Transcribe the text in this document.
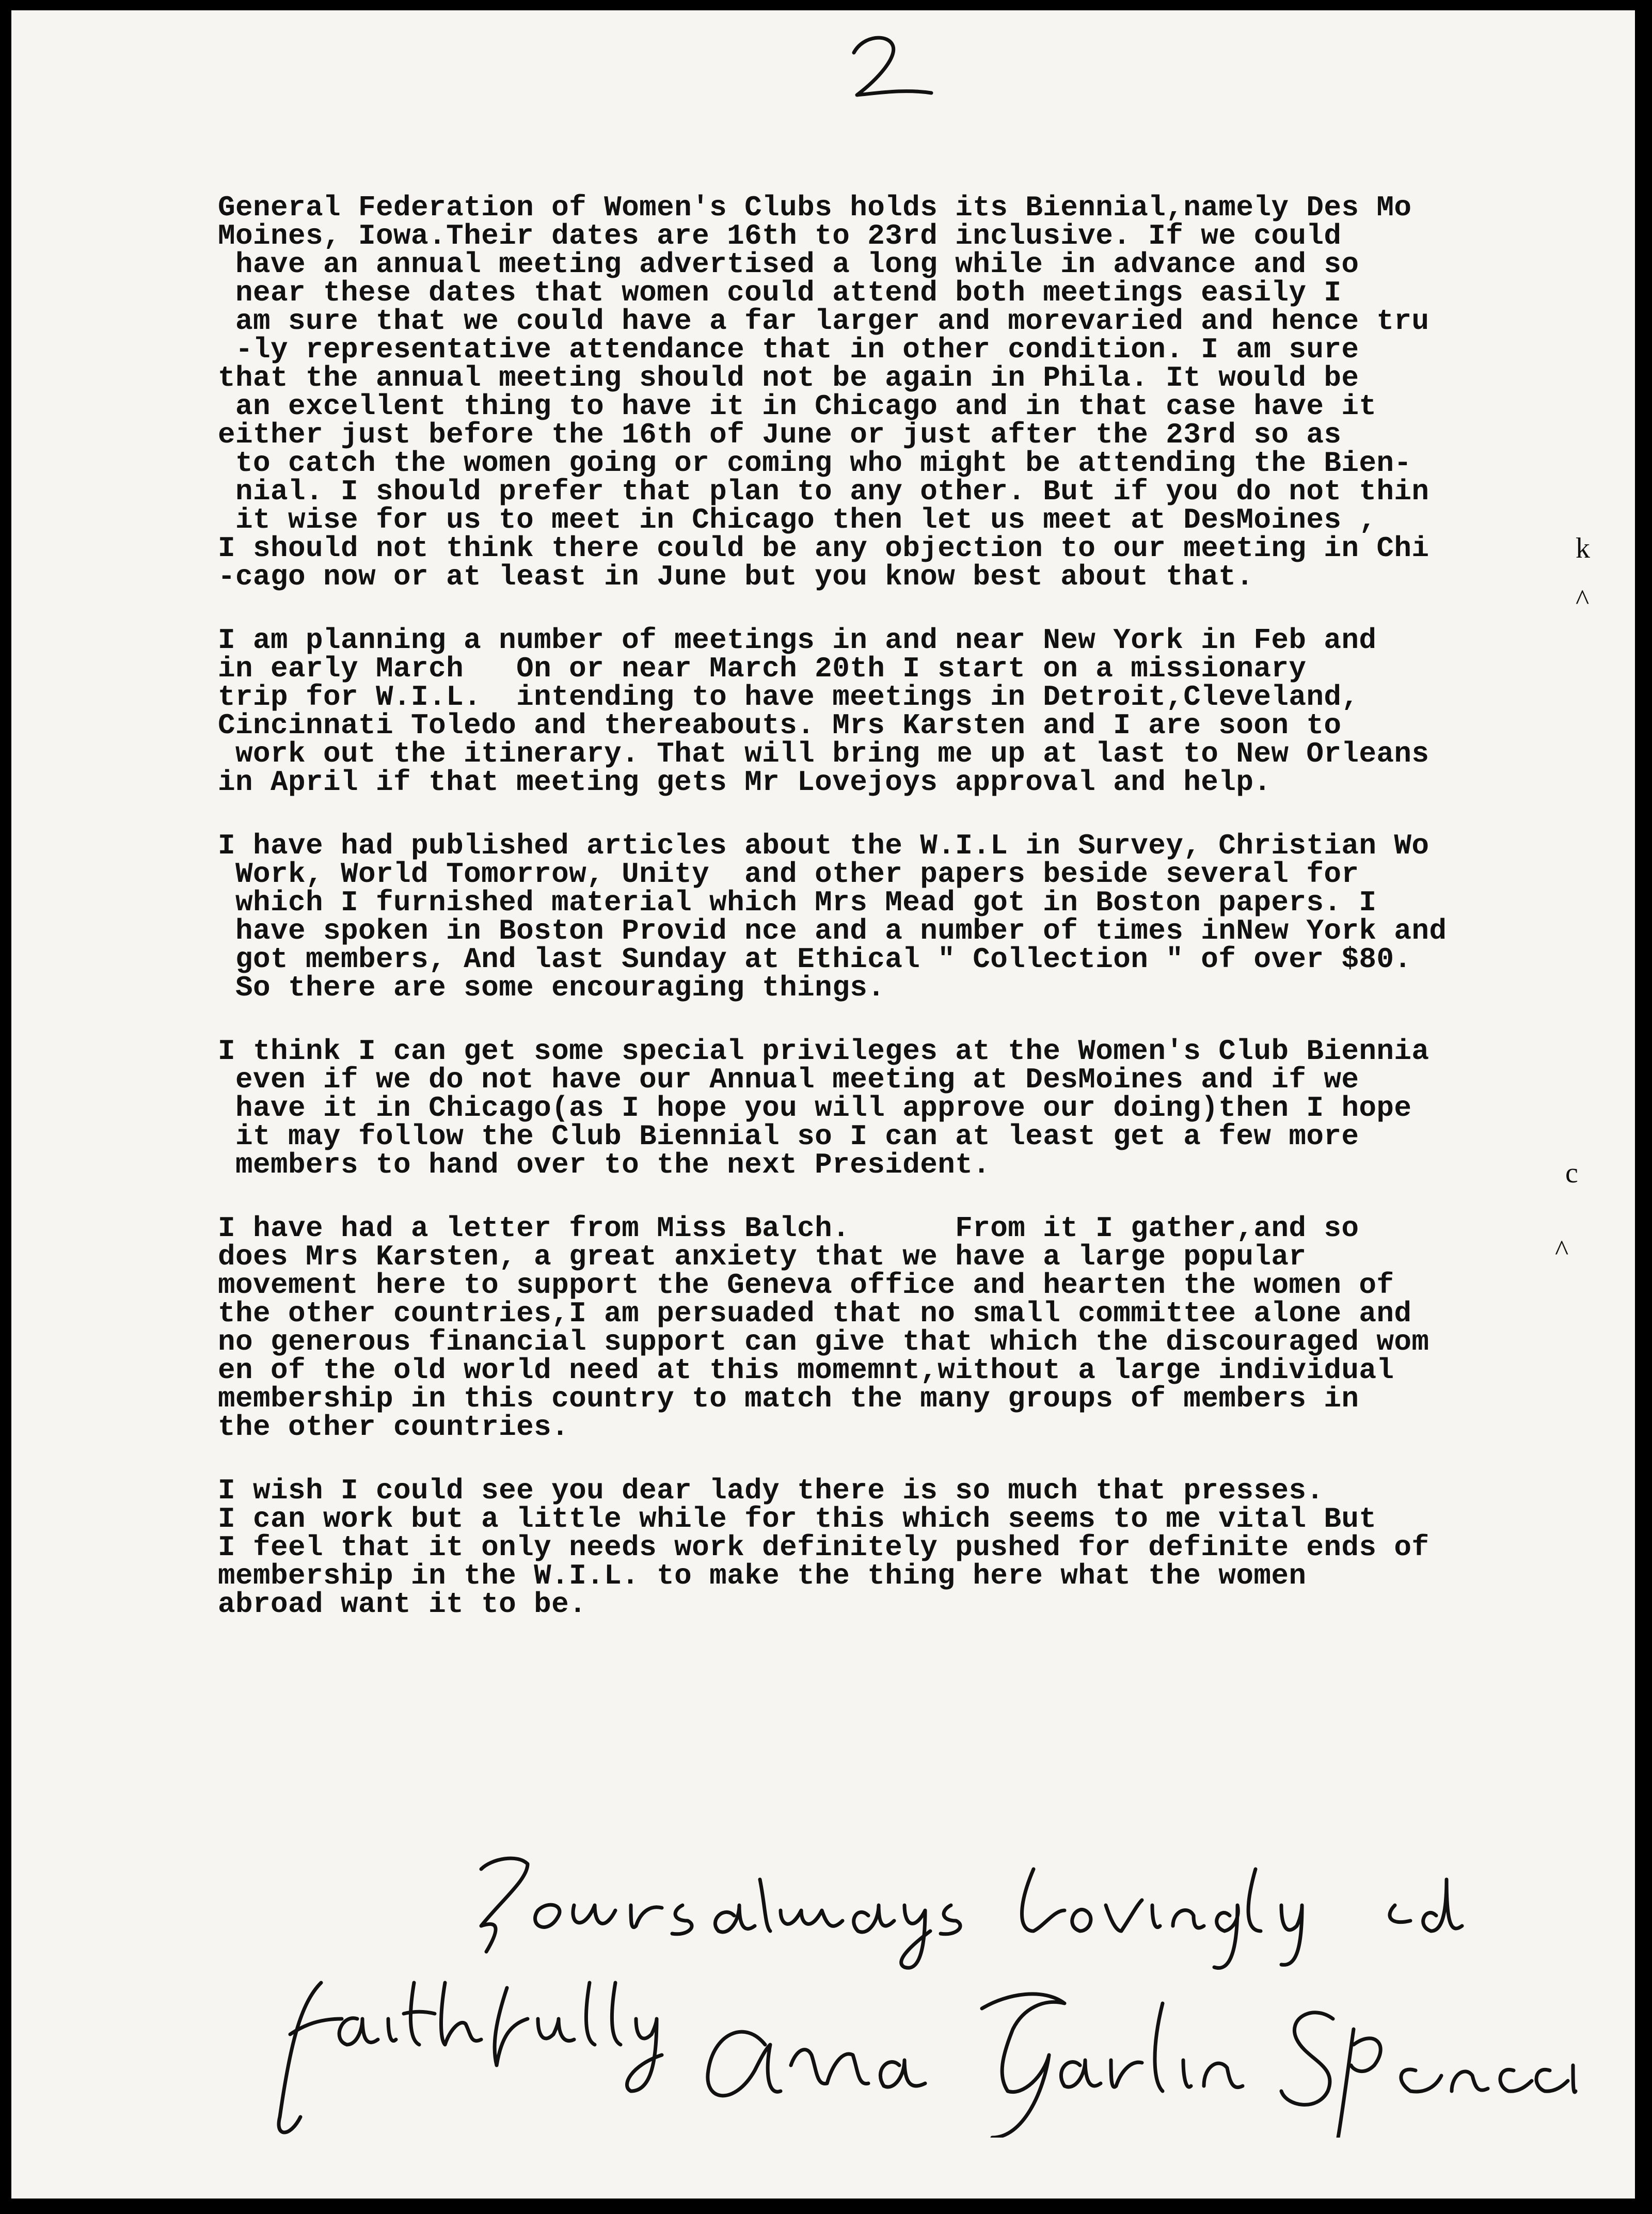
General Federation of Women's Clubs holds its Biennial,namely Des Mo
Moines, Iowa.Their dates are 16th to 23rd inclusive. If we could
have an annual meeting advertised a long while in advance and so
near these dates that women could attend both meetings easily I
am sure that we could have a far larger and morevaried and hence tru
-ly representative attendance that in other condition. I am sure
that the annual meeting should not be again in Phila. It would be
an excellent thing to have it in Chicago and in that case have it
either just before the 16th of June or just after the 23rd so as
to catch the women going or coming who might be attending the Bien-
nial. I should prefer that plan to any other. But if you do not thin
it wise for us to meet in Chicago then let us meet at DesMoines ,
I should not think there could be any objection to our meeting in Chi
-cago now or at least in June but you know best about that.
I am planning a number of meetings in and near New York in Feb and
in early March   On or near March 20th I start on a missionary
trip for W.I.L.  intending to have meetings in Detroit,Cleveland,
Cincinnati Toledo and thereabouts. Mrs Karsten and I are soon to
work out the itinerary. That will bring me up at last to New Orleans
in April if that meeting gets Mr Lovejoys approval and help.
I have had published articles about the W.I.L in Survey, Christian Wo
Work, World Tomorrow, Unity  and other papers beside several for
which I furnished material which Mrs Mead got in Boston papers. I
have spoken in Boston Provid nce and a number of times inNew York and
got members, And last Sunday at Ethical " Collection " of over $80.
So there are some encouraging things.
I think I can get some special privileges at the Women's Club Biennia
even if we do not have our Annual meeting at DesMoines and if we
have it in Chicago(as I hope you will approve our doing)then I hope
it may follow the Club Biennial so I can at least get a few more
members to hand over to the next President.
I have had a letter from Miss Balch.      From it I gather,and so
does Mrs Karsten, a great anxiety that we have a large popular
movement here to support the Geneva office and hearten the women of
the other countries,I am persuaded that no small committee alone and
no generous financial support can give that which the discouraged wom
en of the old world need at this momemnt,without a large individual
membership in this country to match the many groups of members in
the other countries.
I wish I could see you dear lady there is so much that presses.
I can work but a little while for this which seems to me vital But
I feel that it only needs work definitely pushed for definite ends of
membership in the W.I.L. to make the thing here what the women
abroad want it to be.
k
^
c
^
